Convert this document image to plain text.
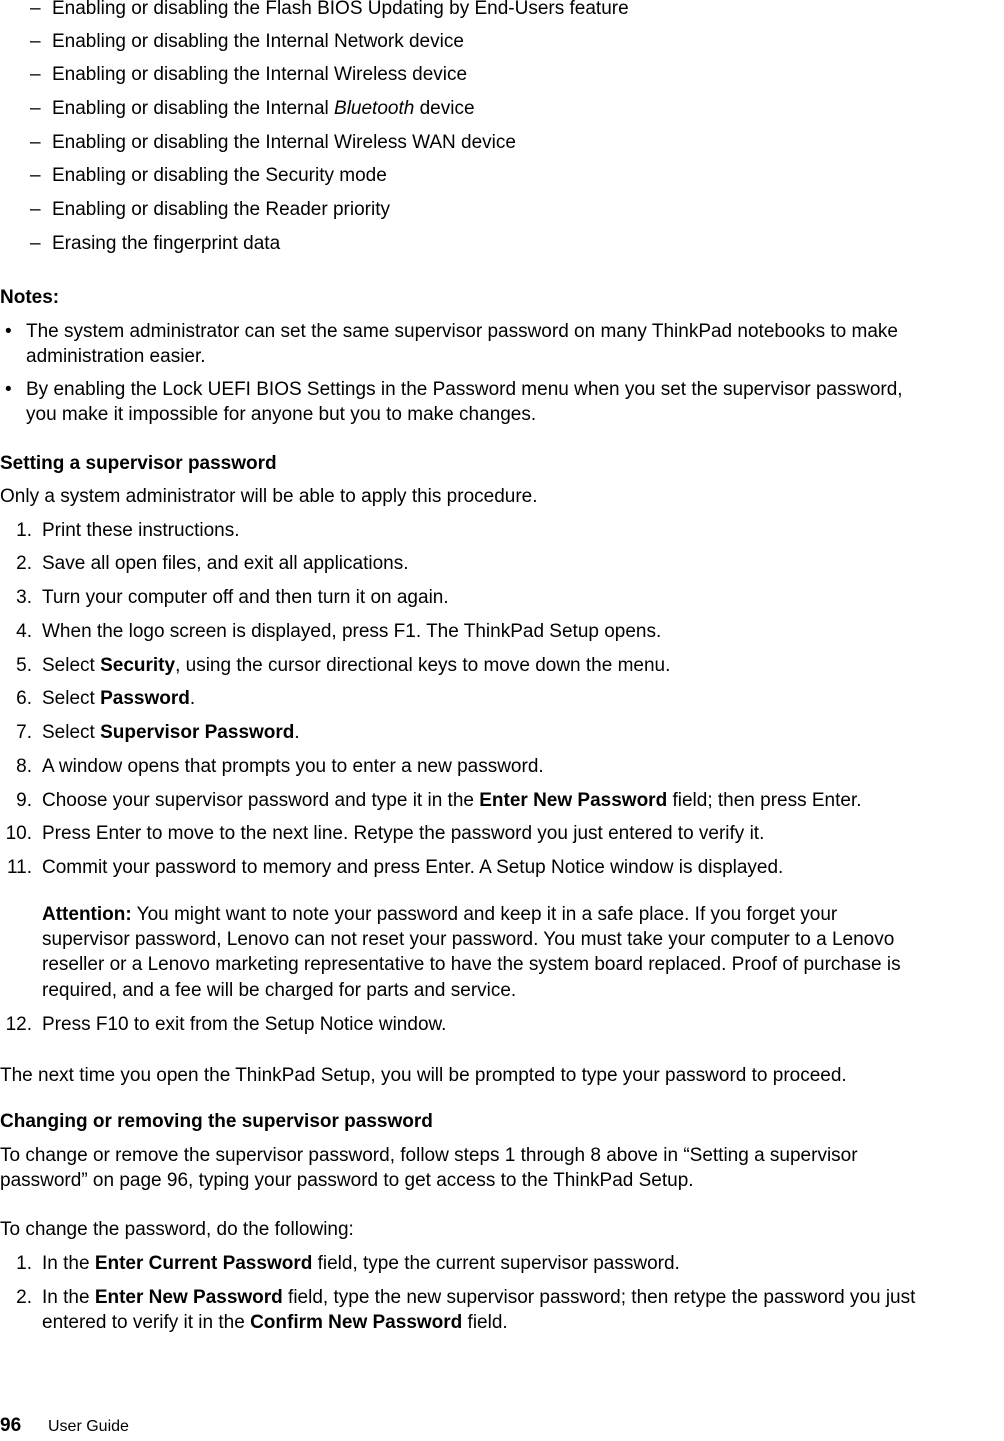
– Enabling or disabling the Flash BIOS Updating by End-Users feature
– Enabling or disabling the Internal Network device
– Enabling or disabling the Internal Wireless device
– Enabling or disabling the Internal Bluetooth device
– Enabling or disabling the Internal Wireless WAN device
– Enabling or disabling the Security mode
– Enabling or disabling the Reader priority
– Erasing the fingerprint data
Notes:
• The system administrator can set the same supervisor password on many ThinkPad notebooks to make
administration easier.
• By enabling the Lock UEFI BIOS Settings in the Password menu when you set the supervisor password,
you make it impossible for anyone but you to make changes.
Setting a supervisor password
Only a system administrator will be able to apply this procedure.
1. Print these instructions.
2. Save all open files, and exit all applications.
3. Turn your computer off and then turn it on again.
4. When the logo screen is displayed, press F1. The ThinkPad Setup opens.
5. Select Security, using the cursor directional keys to move down the menu.
6. Select Password.
7. Select Supervisor Password.
8. A window opens that prompts you to enter a new password.
9. Choose your supervisor password and type it in the Enter New Password field; then press Enter.
10. Press Enter to move to the next line. Retype the password you just entered to verify it.
11. Commit your password to memory and press Enter. A Setup Notice window is displayed.
Attention: You might want to note your password and keep it in a safe place. If you forget your
supervisor password, Lenovo can not reset your password. You must take your computer to a Lenovo
reseller or a Lenovo marketing representative to have the system board replaced. Proof of purchase is
required, and a fee will be charged for parts and service.
12. Press F10 to exit from the Setup Notice window.
The next time you open the ThinkPad Setup, you will be prompted to type your password to proceed.
Changing or removing the supervisor password
To change or remove the supervisor password, follow steps 1 through 8 above in “Setting a supervisor
password” on page 96, typing your password to get access to the ThinkPad Setup.
To change the password, do the following:
1. In the Enter Current Password field, type the current supervisor password.
2. In the Enter New Password field, type the new supervisor password; then retype the password you just
entered to verify it in the Confirm New Password field.
96 User Guide
